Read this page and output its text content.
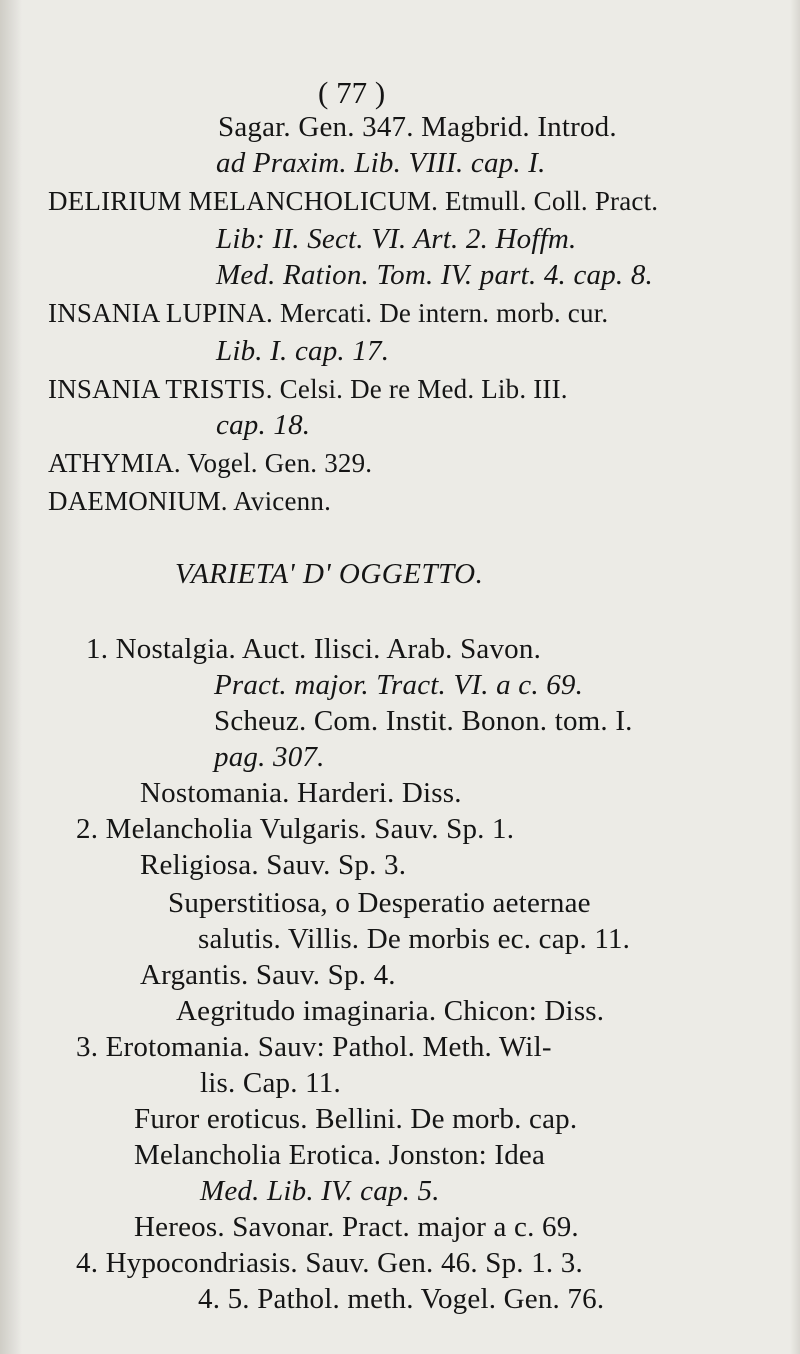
( 77 )
Sagar. Gen. 347. Magbrid. Introd.
ad Praxim. Lib. VIII. cap. I.
DELIRIUM MELANCHOLICUM. Etmull. Coll. Pract.
Lib: II. Sect. VI. Art. 2. Hoffm.
Med. Ration. Tom. IV. part. 4. cap. 8.
INSANIA LUPINA. Mercati. De intern. morb. cur.
Lib. I. cap. 17.
INSANIA TRISTIS. Celsi. De re Med. Lib. III.
cap. 18.
ATHYMIA. Vogel. Gen. 329.
DAEMONIUM. Avicenn.
VARIETA' D' OGGETTO.
1. Nostalgia. Auct. Ilisci. Arab. Savon.
Pract. major. Tract. VI. a c. 69.
Scheuz. Com. Instit. Bonon. tom. I.
pag. 307.
Nostomania. Harderi. Diss.
2. Melancholia Vulgaris. Sauv. Sp. 1.
Religiosa. Sauv. Sp. 3.
Superstitiosa, o Desperatio aeternae
salutis. Villis. De morbis ec. cap. 11.
Argantis. Sauv. Sp. 4.
Aegritudo imaginaria. Chicon: Diss.
3. Erotomania. Sauv: Pathol. Meth. Wil-
lis. Cap. 11.
Furor eroticus. Bellini. De morb. cap.
Melancholia Erotica. Jonston: Idea
Med. Lib. IV. cap. 5.
Hereos. Savonar. Pract. major a c. 69.
4. Hypocondriasis. Sauv. Gen. 46. Sp. 1. 3.
4. 5. Pathol. meth. Vogel. Gen. 76.
